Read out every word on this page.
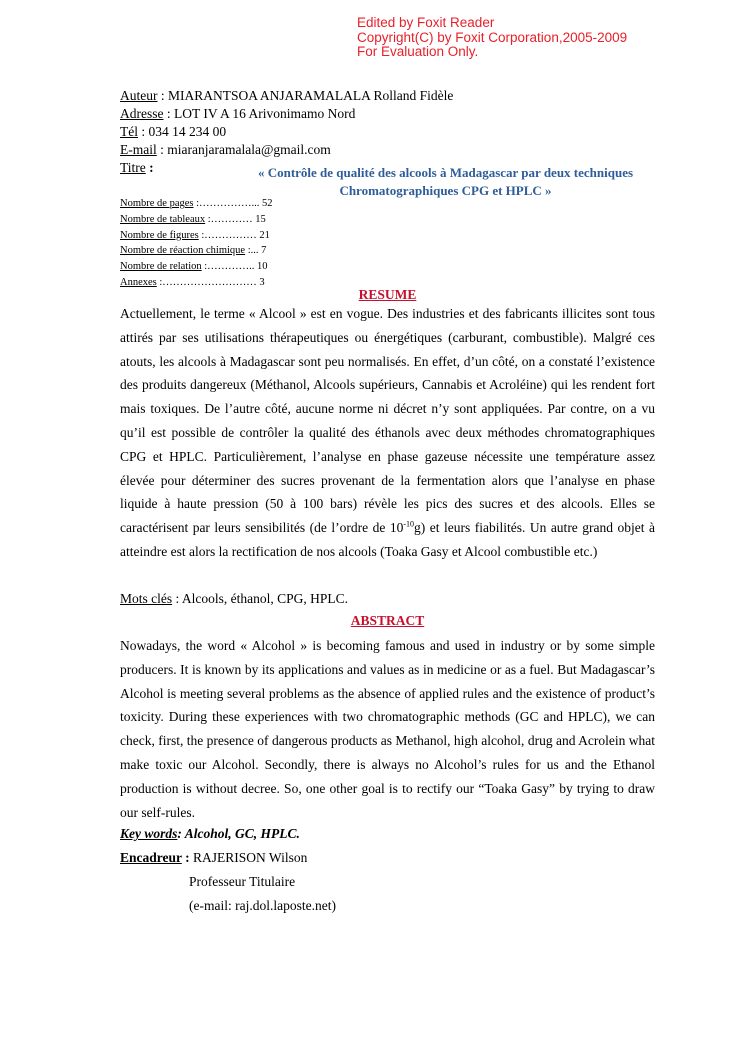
Edited by Foxit Reader
Copyright(C) by Foxit Corporation,2005-2009
For Evaluation Only.
Auteur : MIARANTSOA ANJARAMALALA Rolland Fidèle
Adresse : LOT IV A 16 Arivonimamo Nord
Tél : 034 14 234 00
E-mail : miaranjaramalala@gmail.com
Titre :	« Contrôle de qualité des alcools à Madagascar par deux techniques Chromatographiques CPG et HPLC »
Nombre de pages :……………... 52
Nombre de tableaux :………… 15
Nombre de figures :…………… 21
Nombre de réaction chimique :... 7
Nombre de relation :………….. 10
Annexes :……………………… 3
RESUME
Actuellement, le terme « Alcool » est en vogue. Des industries et des fabricants illicites sont tous attirés par ses utilisations thérapeutiques ou énergétiques (carburant, combustible). Malgré ces atouts, les alcools à Madagascar sont peu normalisés. En effet, d’un côté, on a constaté l’existence des produits dangereux (Méthanol, Alcools supérieurs, Cannabis et Acroléine) qui les rendent fort mais toxiques. De l’autre côté, aucune norme ni décret n’y sont appliquées. Par contre, on a vu qu’il est possible de contrôler la qualité des éthanols avec deux méthodes chromatographiques CPG et HPLC. Particulièrement, l’analyse en phase gazeuse nécessite une température assez élevée pour déterminer des sucres provenant de la fermentation alors que l’analyse en phase liquide à haute pression (50 à 100 bars) révèle les pics des sucres et des alcools. Elles se caractérisent par leurs sensibilités (de l’ordre de $10^{-10}g$) et leurs fiabilités. Un autre grand objet à atteindre est alors la rectification de nos alcools (Toaka Gasy et Alcool combustible etc.)
Mots clés : Alcools, éthanol, CPG, HPLC.
ABSTRACT
Nowadays, the word « Alcohol » is becoming famous and used in industry or by some simple producers. It is known by its applications and values as in medicine or as a fuel. But Madagascar’s Alcohol is meeting several problems as the absence of applied rules and the existence of product’s toxicity. During these experiences with two chromatographic methods (GC and HPLC), we can check, first, the presence of dangerous products as Methanol, high alcohol, drug and Acrolein what make toxic our Alcohol. Secondly, there is always no Alcohol’s rules for us and the Ethanol production is without decree. So, one other goal is to rectify our “Toaka Gasy” by trying to draw our self-rules.
Key words: Alcohol, GC, HPLC.
Encadreur : RAJERISON Wilson
Professeur Titulaire
(e-mail: raj.dol.laposte.net)
